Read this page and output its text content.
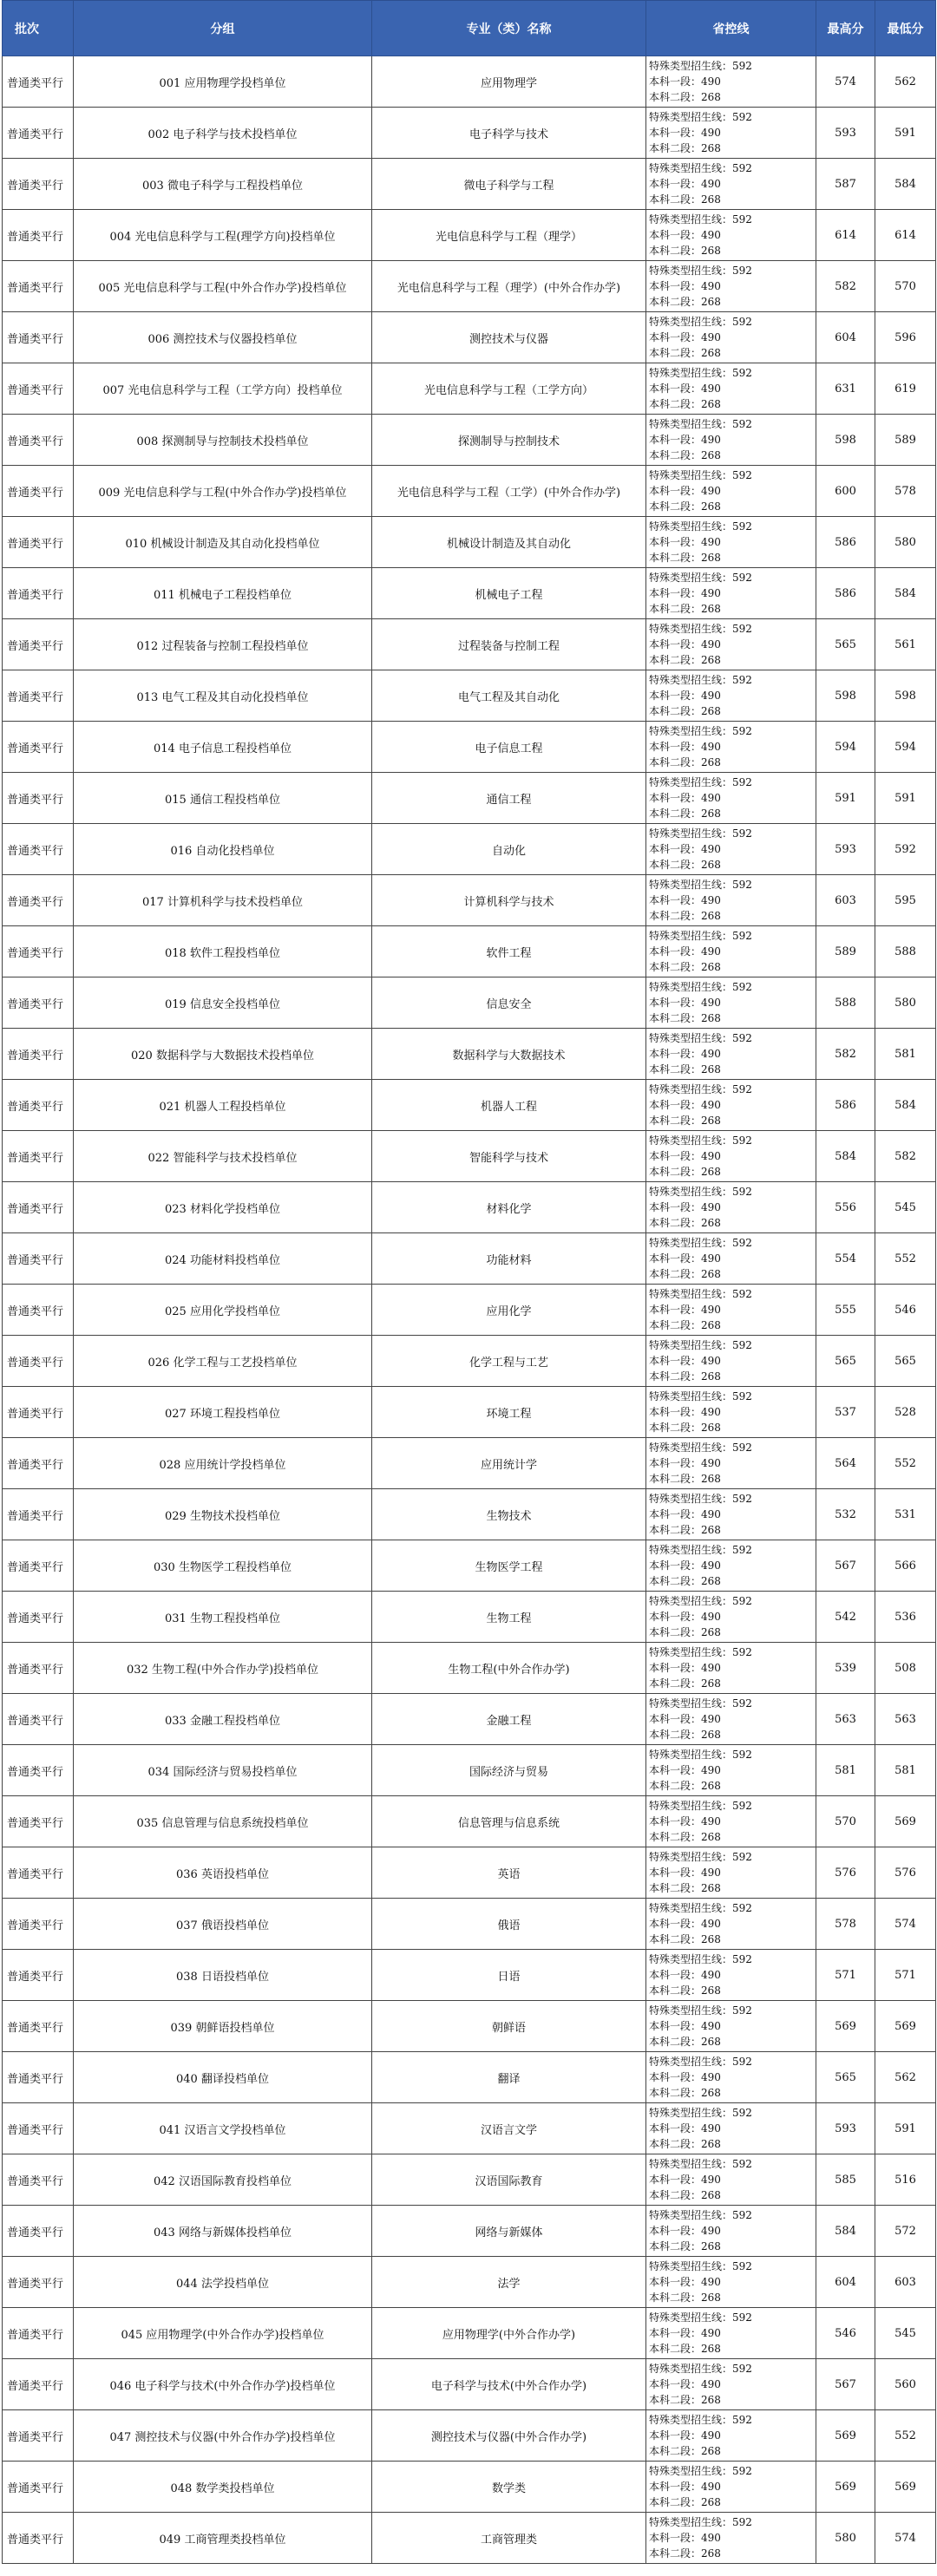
批次	分组	专业（类）名称	省控线	最高分	最低分
普通类平行	001 应用物理学投档单位	应用物理学	特殊类型招生线：592
本科一段：490
本科二段：268	574	562
普通类平行	002 电子科学与技术投档单位	电子科学与技术	特殊类型招生线：592
本科一段：490
本科二段：268	593	591
普通类平行	003 微电子科学与工程投档单位	微电子科学与工程	特殊类型招生线：592
本科一段：490
本科二段：268	587	584
普通类平行	004 光电信息科学与工程(理学方向)投档单位	光电信息科学与工程（理学）	特殊类型招生线：592
本科一段：490
本科二段：268	614	614
普通类平行	005 光电信息科学与工程(中外合作办学)投档单位	光电信息科学与工程（理学）(中外合作办学)	特殊类型招生线：592
本科一段：490
本科二段：268	582	570
普通类平行	006 测控技术与仪器投档单位	测控技术与仪器	特殊类型招生线：592
本科一段：490
本科二段：268	604	596
普通类平行	007 光电信息科学与工程（工学方向）投档单位	光电信息科学与工程（工学方向）	特殊类型招生线：592
本科一段：490
本科二段：268	631	619
普通类平行	008 探测制导与控制技术投档单位	探测制导与控制技术	特殊类型招生线：592
本科一段：490
本科二段：268	598	589
普通类平行	009 光电信息科学与工程(中外合作办学)投档单位	光电信息科学与工程（工学）(中外合作办学)	特殊类型招生线：592
本科一段：490
本科二段：268	600	578
普通类平行	010 机械设计制造及其自动化投档单位	机械设计制造及其自动化	特殊类型招生线：592
本科一段：490
本科二段：268	586	580
普通类平行	011 机械电子工程投档单位	机械电子工程	特殊类型招生线：592
本科一段：490
本科二段：268	586	584
普通类平行	012 过程装备与控制工程投档单位	过程装备与控制工程	特殊类型招生线：592
本科一段：490
本科二段：268	565	561
普通类平行	013 电气工程及其自动化投档单位	电气工程及其自动化	特殊类型招生线：592
本科一段：490
本科二段：268	598	598
普通类平行	014 电子信息工程投档单位	电子信息工程	特殊类型招生线：592
本科一段：490
本科二段：268	594	594
普通类平行	015 通信工程投档单位	通信工程	特殊类型招生线：592
本科一段：490
本科二段：268	591	591
普通类平行	016 自动化投档单位	自动化	特殊类型招生线：592
本科一段：490
本科二段：268	593	592
普通类平行	017 计算机科学与技术投档单位	计算机科学与技术	特殊类型招生线：592
本科一段：490
本科二段：268	603	595
普通类平行	018 软件工程投档单位	软件工程	特殊类型招生线：592
本科一段：490
本科二段：268	589	588
普通类平行	019 信息安全投档单位	信息安全	特殊类型招生线：592
本科一段：490
本科二段：268	588	580
普通类平行	020 数据科学与大数据技术投档单位	数据科学与大数据技术	特殊类型招生线：592
本科一段：490
本科二段：268	582	581
普通类平行	021 机器人工程投档单位	机器人工程	特殊类型招生线：592
本科一段：490
本科二段：268	586	584
普通类平行	022 智能科学与技术投档单位	智能科学与技术	特殊类型招生线：592
本科一段：490
本科二段：268	584	582
普通类平行	023 材料化学投档单位	材料化学	特殊类型招生线：592
本科一段：490
本科二段：268	556	545
普通类平行	024 功能材料投档单位	功能材料	特殊类型招生线：592
本科一段：490
本科二段：268	554	552
普通类平行	025 应用化学投档单位	应用化学	特殊类型招生线：592
本科一段：490
本科二段：268	555	546
普通类平行	026 化学工程与工艺投档单位	化学工程与工艺	特殊类型招生线：592
本科一段：490
本科二段：268	565	565
普通类平行	027 环境工程投档单位	环境工程	特殊类型招生线：592
本科一段：490
本科二段：268	537	528
普通类平行	028 应用统计学投档单位	应用统计学	特殊类型招生线：592
本科一段：490
本科二段：268	564	552
普通类平行	029 生物技术投档单位	生物技术	特殊类型招生线：592
本科一段：490
本科二段：268	532	531
普通类平行	030 生物医学工程投档单位	生物医学工程	特殊类型招生线：592
本科一段：490
本科二段：268	567	566
普通类平行	031 生物工程投档单位	生物工程	特殊类型招生线：592
本科一段：490
本科二段：268	542	536
普通类平行	032 生物工程(中外合作办学)投档单位	生物工程(中外合作办学)	特殊类型招生线：592
本科一段：490
本科二段：268	539	508
普通类平行	033 金融工程投档单位	金融工程	特殊类型招生线：592
本科一段：490
本科二段：268	563	563
普通类平行	034 国际经济与贸易投档单位	国际经济与贸易	特殊类型招生线：592
本科一段：490
本科二段：268	581	581
普通类平行	035 信息管理与信息系统投档单位	信息管理与信息系统	特殊类型招生线：592
本科一段：490
本科二段：268	570	569
普通类平行	036 英语投档单位	英语	特殊类型招生线：592
本科一段：490
本科二段：268	576	576
普通类平行	037 俄语投档单位	俄语	特殊类型招生线：592
本科一段：490
本科二段：268	578	574
普通类平行	038 日语投档单位	日语	特殊类型招生线：592
本科一段：490
本科二段：268	571	571
普通类平行	039 朝鲜语投档单位	朝鲜语	特殊类型招生线：592
本科一段：490
本科二段：268	569	569
普通类平行	040 翻译投档单位	翻译	特殊类型招生线：592
本科一段：490
本科二段：268	565	562
普通类平行	041 汉语言文学投档单位	汉语言文学	特殊类型招生线：592
本科一段：490
本科二段：268	593	591
普通类平行	042 汉语国际教育投档单位	汉语国际教育	特殊类型招生线：592
本科一段：490
本科二段：268	585	516
普通类平行	043 网络与新媒体投档单位	网络与新媒体	特殊类型招生线：592
本科一段：490
本科二段：268	584	572
普通类平行	044 法学投档单位	法学	特殊类型招生线：592
本科一段：490
本科二段：268	604	603
普通类平行	045 应用物理学(中外合作办学)投档单位	应用物理学(中外合作办学)	特殊类型招生线：592
本科一段：490
本科二段：268	546	545
普通类平行	046 电子科学与技术(中外合作办学)投档单位	电子科学与技术(中外合作办学)	特殊类型招生线：592
本科一段：490
本科二段：268	567	560
普通类平行	047 测控技术与仪器(中外合作办学)投档单位	测控技术与仪器(中外合作办学)	特殊类型招生线：592
本科一段：490
本科二段：268	569	552
普通类平行	048 数学类投档单位	数学类	特殊类型招生线：592
本科一段：490
本科二段：268	569	569
普通类平行	049 工商管理类投档单位	工商管理类	特殊类型招生线：592
本科一段：490
本科二段：268	580	574
